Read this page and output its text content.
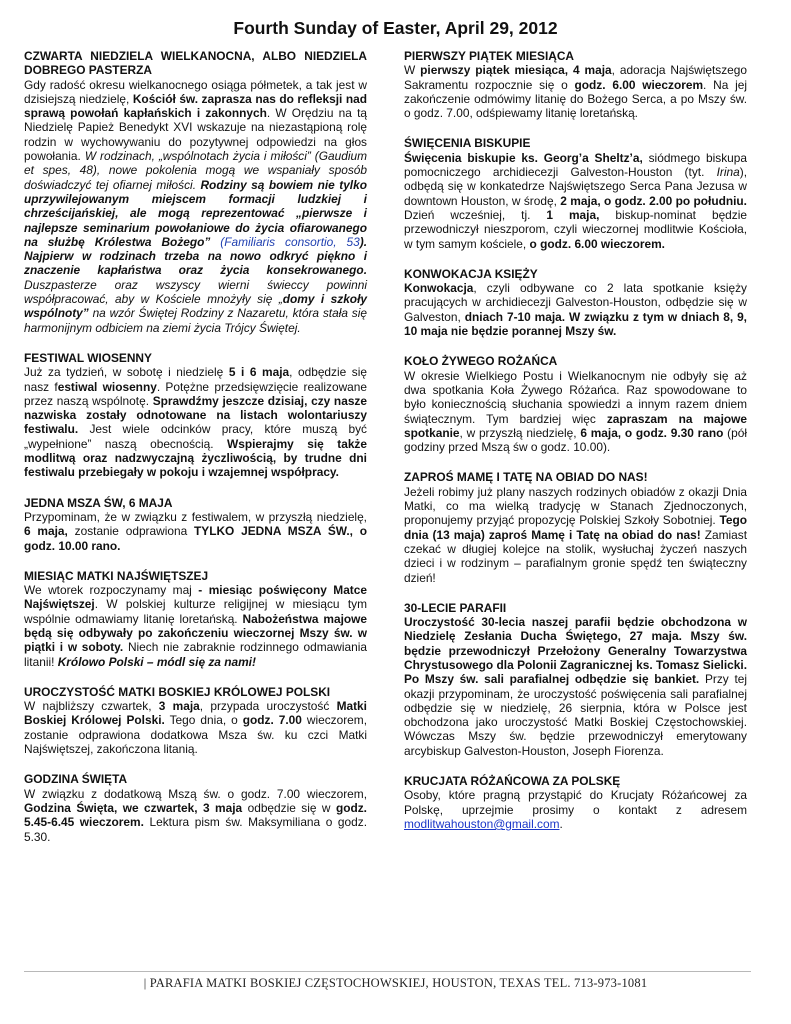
Fourth Sunday of Easter, April 29, 2012
CZWARTA NIEDZIELA WIELKANOCNA, ALBO NIEDZIELA DOBREGO PASTERZA
Gdy radość okresu wielkanocnego osiąga półmetek, a tak jest w dzisiejszą niedzielę, Kościół św. zaprasza nas do refleksji nad sprawą powołań kapłańskich i zakonnych. W Orędziu na tą Niedzielę Papież Benedykt XVI wskazuje na niezastąpioną rolę rodzin w wychowywaniu do pozytywnej odpowiedzi na głos powołania. W rodzinach, „wspólnotach życia i miłości” (Gaudium et spes, 48), nowe pokolenia mogą we wspaniały sposób doświadczyć tej ofiarnej miłości. Rodziny są bowiem nie tylko uprzywilejowanym miejscem formacji ludzkiej i chrześcijańskiej, ale mogą reprezentować „pierwsze i najlepsze seminarium powołaniowe do życia ofiarowanego na służbę Królestwa Bożego” (Familiaris consortio, 53). Najpierw w rodzinach trzeba na nowo odkryć piękno i znaczenie kapłaństwa oraz życia konsekrowanego. Duszpasterze oraz wszyscy wierni świeccy powinni współpracować, aby w Kościele mnożyły się „domy i szkoły wspólnoty” na wzór Świętej Rodziny z Nazaretu, która stała się harmonijnym odbiciem na ziemi życia Trójcy Świętej.
FESTIWAL WIOSENNY
Już za tydzień, w sobotę i niedzielę 5 i 6 maja, odbędzie się nasz festiwal wiosenny. Potężne przedsięwzięcie realizowane przez naszą wspólnotę. Sprawdźmy jeszcze dzisiaj, czy nasze nazwiska zostały odnotowane na listach wolontariuszy festiwalu. Jest wiele odcinków pracy, które muszą być „wypełnione” naszą obecnością. Wspierajmy się także modlitwą oraz nadzwyczajną życzliwością, by trudne dni festiwalu przebiegały w pokoju i wzajemnej współpracy.
JEDNA MSZA ŚW, 6 MAJA
Przypominam, że w związku z festiwalem, w przyszłą niedzielę, 6 maja, zostanie odprawiona TYLKO JEDNA MSZA ŚW., o godz. 10.00 rano.
MIESIĄC MATKI NAJŚWIĘTSZEJ
We wtorek rozpoczynamy maj - miesiąc poświęcony Matce Najświętszej. W polskiej kulturze religijnej w miesiącu tym wspólnie odmawiamy litanię loretańską. Nabożeństwa majowe będą się odbywały po zakończeniu wieczornej Mszy św. w piątki i w soboty. Niech nie zabraknie rodzinnego odmawiania litanii! Królowo Polski – módl się za nami!
UROCZYSTOŚĆ MATKI BOSKIEJ KRÓLOWEJ POLSKI
W najbliższy czwartek, 3 maja, przypada uroczystość Matki Boskiej Królowej Polski. Tego dnia, o godz. 7.00 wieczorem, zostanie odprawiona dodatkowa Msza św. ku czci Matki Najświętszej, zakończona litanią.
GODZINA ŚWIĘTA
W związku z dodatkową Mszą św. o godz. 7.00 wieczorem, Godzina Święta, we czwartek, 3 maja odbędzie się w godz. 5.45-6.45 wieczorem. Lektura pism św. Maksymiliana o godz. 5.30.
PIERWSZY PIĄTEK MIESIĄCA
W pierwszy piątek miesiąca, 4 maja, adoracja Najświętszego Sakramentu rozpocznie się o godz. 6.00 wieczorem. Na jej zakończenie odmówimy litanię do Bożego Serca, a po Mszy św. o godz. 7.00, odśpiewamy litanię loretańską.
ŚWIĘCENIA BISKUPIE
Święcenia biskupie ks. Georg’a Sheltz’a, siódmego biskupa pomocniczego archidiecezji Galveston-Houston (tyt. Irina), odbędą się w konkatedrze Najświętszego Serca Pana Jezusa w downtown Houston, w środę, 2 maja, o godz. 2.00 po południu. Dzień wcześniej, tj. 1 maja, biskup-nominat będzie przewodniczył nieszporom, czyli wieczornej modlitwie Kościoła, w tym samym kościele, o godz. 6.00 wieczorem.
KONWOKACJA KSIĘŻY
Konwokacja, czyli odbywane co 2 lata spotkanie księży pracujących w archidiecezji Galveston-Houston, odbędzie się w Galveston, dniach 7-10 maja. W związku z tym w dniach 8, 9, 10 maja nie będzie porannej Mszy św.
KOŁO ŻYWEGO ROŻAŃCA
W okresie Wielkiego Postu i Wielkanocnym nie odbyły się aż dwa spotkania Koła Żywego Różańca. Raz spowodowane to było koniecznością słuchania spowiedzi a innym razem dniem świątecznym. Tym bardziej więc zapraszam na majowe spotkanie, w przyszłą niedzielę, 6 maja, o godz. 9.30 rano (pół godziny przed Mszą św o godz. 10.00).
ZAPROŚ MAMĘ I TATĘ NA OBIAD DO NAS!
Jeżeli robimy już plany naszych rodzinych obiadów z okazji Dnia Matki, co ma wielką tradycję w Stanach Zjednoczonych, proponujemy przyjąć propozycję Polskiej Szkoły Sobotniej. Tego dnia (13 maja) zaproś Mamę i Tatę na obiad do nas! Zamiast czekać w długiej kolejce na stolik, wysłuchaj życzeń naszych dzieci i w rodzinym – parafialnym gronie spędź ten świąteczny dzień!
30-LECIE PARAFII
Uroczystość 30-lecia naszej parafii będzie obchodzona w Niedzielę Zesłania Ducha Świętego, 27 maja. Mszy św. będzie przewodniczył Przełożony Generalny Towarzystwa Chrystusowego dla Polonii Zagranicznej ks. Tomasz Sielicki. Po Mszy św. sali parafialnej odbędzie się bankiet. Przy tej okazji przypominam, że uroczystość poświęcenia sali parafialnej odbędzie się w niedzielę, 26 sierpnia, która w Polsce jest obchodzona jako uroczystość Matki Boskiej Częstochowskiej. Wówczas Mszy św. będzie przewodniczył emerytowany arcybiskup Galveston-Houston, Joseph Fiorenza.
KRUCJATA RÓŻAŃCOWA ZA POLSKĘ
Osoby, które pragną przystąpić do Krucjaty Różańcowej za Polskę, uprzejmie prosimy o kontakt z adresem modlitwahouston@gmail.com.
| PARAFIA MATKI BOSKIEJ CZĘSTOCHOWSKIEJ, HOUSTON, TEXAS TEL. 713-973-1081
